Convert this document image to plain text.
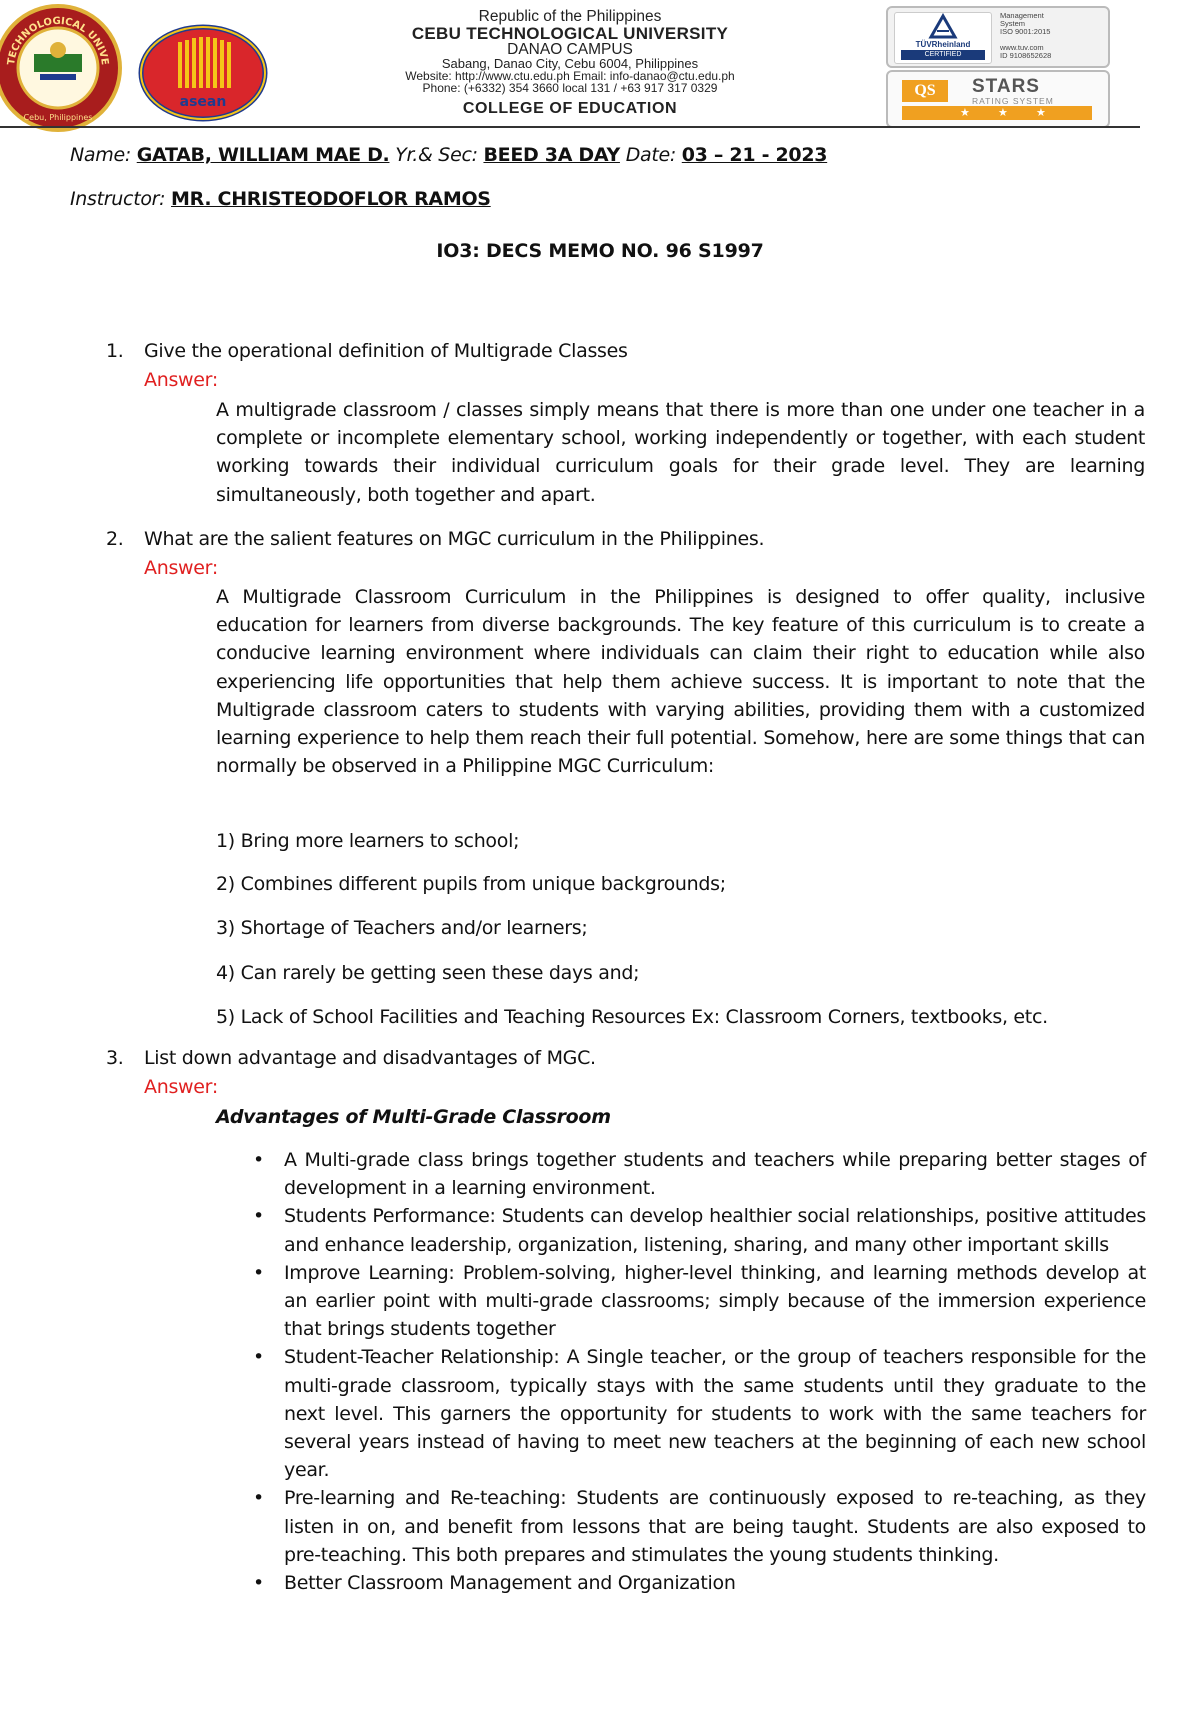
TECHNOLOGICAL UNIVE
Cebu, Philippines
asean
Republic of the Philippines
CEBU TECHNOLOGICAL UNIVERSITY
DANAO CAMPUS
Sabang, Danao City, Cebu 6004, Philippines
Website: http://www.ctu.edu.ph Email: info-danao@ctu.edu.ph
Phone: (+6332) 354 3660 local 131 / +63 917 317 0329
COLLEGE OF EDUCATION
TÜVRheinland
CERTIFIED
Management
System
ISO 9001:2015
www.tuv.com
ID 9108652628
QS	STARS
RATING SYSTEM
★	★	★
Name: GATAB, WILLIAM MAE D. Yr.& Sec: BEED 3A DAY Date: 03 – 21 - 2023
Instructor: MR. CHRISTEODOFLOR RAMOS
IO3: DECS MEMO NO. 96 S1997
1. Give the operational definition of Multigrade Classes
Answer:
A multigrade classroom / classes simply means that there is more than one under one teacher in a complete or incomplete elementary school, working independently or together, with each student working towards their individual curriculum goals for their grade level. They are learning simultaneously, both together and apart.
2. What are the salient features on MGC curriculum in the Philippines.
Answer:
A Multigrade Classroom Curriculum in the Philippines is designed to offer quality, inclusive education for learners from diverse backgrounds. The key feature of this curriculum is to create a conducive learning environment where individuals can claim their right to education while also experiencing life opportunities that help them achieve success. It is important to note that the Multigrade classroom caters to students with varying abilities, providing them with a customized learning experience to help them reach their full potential. Somehow, here are some things that can normally be observed in a Philippine MGC Curriculum:
1) Bring more learners to school;
2) Combines different pupils from unique backgrounds;
3) Shortage of Teachers and/or learners;
4) Can rarely be getting seen these days and;
5) Lack of School Facilities and Teaching Resources Ex: Classroom Corners, textbooks, etc.
3. List down advantage and disadvantages of MGC.
Answer:
Advantages of Multi-Grade Classroom
• A Multi-grade class brings together students and teachers while preparing better stages of development in a learning environment.
• Students Performance: Students can develop healthier social relationships, positive attitudes and enhance leadership, organization, listening, sharing, and many other important skills
• Improve Learning: Problem-solving, higher-level thinking, and learning methods develop at an earlier point with multi-grade classrooms; simply because of the immersion experience that brings students together
• Student-Teacher Relationship: A Single teacher, or the group of teachers responsible for the multi-grade classroom, typically stays with the same students until they graduate to the next level. This garners the opportunity for students to work with the same teachers for several years instead of having to meet new teachers at the beginning of each new school year.
• Pre-learning and Re-teaching: Students are continuously exposed to re-teaching, as they listen in on, and benefit from lessons that are being taught. Students are also exposed to pre-teaching. This both prepares and stimulates the young students thinking.
• Better Classroom Management and Organization
